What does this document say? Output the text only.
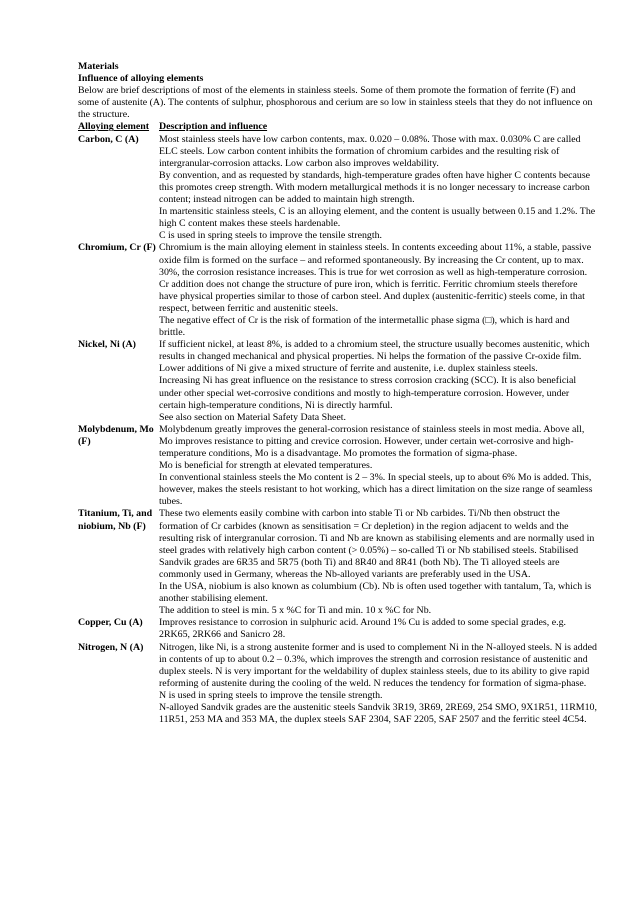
Materials
Influence of alloying elements

Below are brief descriptions of most of the elements in stainless steels. Some of them promote the formation of ferrite (F) and some of austenite (A). The contents of sulphur, phosphorous and cerium are so low in stainless steels that they do not influence on the structure.

Alloying element	Description and influence
Carbon, C (A)	Most stainless steels have low carbon contents, max. 0.020 – 0.08%. Those with max. 0.030% C are called ELC steels. Low carbon content inhibits the formation of chromium carbides and the resulting risk of intergranular-corrosion attacks. Low carbon also improves weldability.

By convention, and as requested by standards, high-temperature grades often have higher C contents because this promotes creep strength. With modern metallurgical methods it is no longer necessary to increase carbon content; instead nitrogen can be added to maintain high strength.

In martensitic stainless steels, C is an alloying element, and the content is usually between 0.15 and 1.2%. The high C content makes these steels hardenable.

C is used in spring steels to improve the tensile strength.

Chromium, Cr (F)	Chromium is the main alloying element in stainless steels. In contents exceeding about 11%, a stable, passive oxide film is formed on the surface – and reformed spontaneously. By increasing the Cr content, up to max. 30%, the corrosion resistance increases. This is true for wet corrosion as well as high-temperature corrosion.

Cr addition does not change the structure of pure iron, which is ferritic. Ferritic chromium steels therefore have physical properties similar to those of carbon steel. And duplex (austenitic-ferritic) steels come, in that respect, between ferritic and austenitic steels.

The negative effect of Cr is the risk of formation of the intermetallic phase sigma (□), which is hard and brittle.

Nickel, Ni (A)	If sufficient nickel, at least 8%, is added to a chromium steel, the structure usually becomes austenitic, which results in changed mechanical and physical properties. Ni helps the formation of the passive Cr-oxide film.

Lower additions of Ni give a mixed structure of ferrite and austenite, i.e. duplex stainless steels.

Increasing Ni has great influence on the resistance to stress corrosion cracking (SCC). It is also beneficial under other special wet-corrosive conditions and mostly to high-temperature corrosion. However, under certain high-temperature conditions, Ni is directly harmful.

See also section on Material Safety Data Sheet.

Molybdenum, Mo (F)	Molybdenum greatly improves the general-corrosion resistance of stainless steels in most media. Above all, Mo improves resistance to pitting and crevice corrosion. However, under certain wet-corrosive and high-temperature conditions, Mo is a disadvantage. Mo promotes the formation of sigma-phase.

Mo is beneficial for strength at elevated temperatures.

In conventional stainless steels the Mo content is 2 – 3%. In special steels, up to about 6% Mo is added. This, however, makes the steels resistant to hot working, which has a direct limitation on the size range of seamless tubes.

Titanium, Ti, and niobium, Nb (F)	These two elements easily combine with carbon into stable Ti or Nb carbides. Ti/Nb then obstruct the formation of Cr carbides (known as sensitisation = Cr depletion) in the region adjacent to welds and the resulting risk of intergranular corrosion. Ti and Nb are known as stabilising elements and are normally used in steel grades with relatively high carbon content (> 0.05%) – so-called Ti or Nb stabilised steels. Stabilised Sandvik grades are 6R35 and 5R75 (both Ti) and 8R40 and 8R41 (both Nb). The Ti alloyed steels are commonly used in Germany, whereas the Nb-alloyed variants are preferably used in the USA.

In the USA, niobium is also known as columbium (Cb). Nb is often used together with tantalum, Ta, which is another stabilising element.

The addition to steel is min. 5 x %C for Ti and min. 10 x %C for Nb.

Copper, Cu (A)	Improves resistance to corrosion in sulphuric acid. Around 1% Cu is added to some special grades, e.g. 2RK65, 2RK66 and Sanicro 28.

Nitrogen, N (A)	Nitrogen, like Ni, is a strong austenite former and is used to complement Ni in the N-alloyed steels. N is added in contents of up to about 0.2 – 0.3%, which improves the strength and corrosion resistance of austenitic and duplex steels. N is very important for the weldability of duplex stainless steels, due to its ability to give rapid reforming of austenite during the cooling of the weld. N reduces the tendency for formation of sigma-phase.

N is used in spring steels to improve the tensile strength.

N-alloyed Sandvik grades are the austenitic steels Sandvik 3R19, 3R69, 2RE69, 254 SMO, 9X1R51, 11RM10, 11R51, 253 MA and 353 MA, the duplex steels SAF 2304, SAF 2205, SAF 2507 and the ferritic steel 4C54.
